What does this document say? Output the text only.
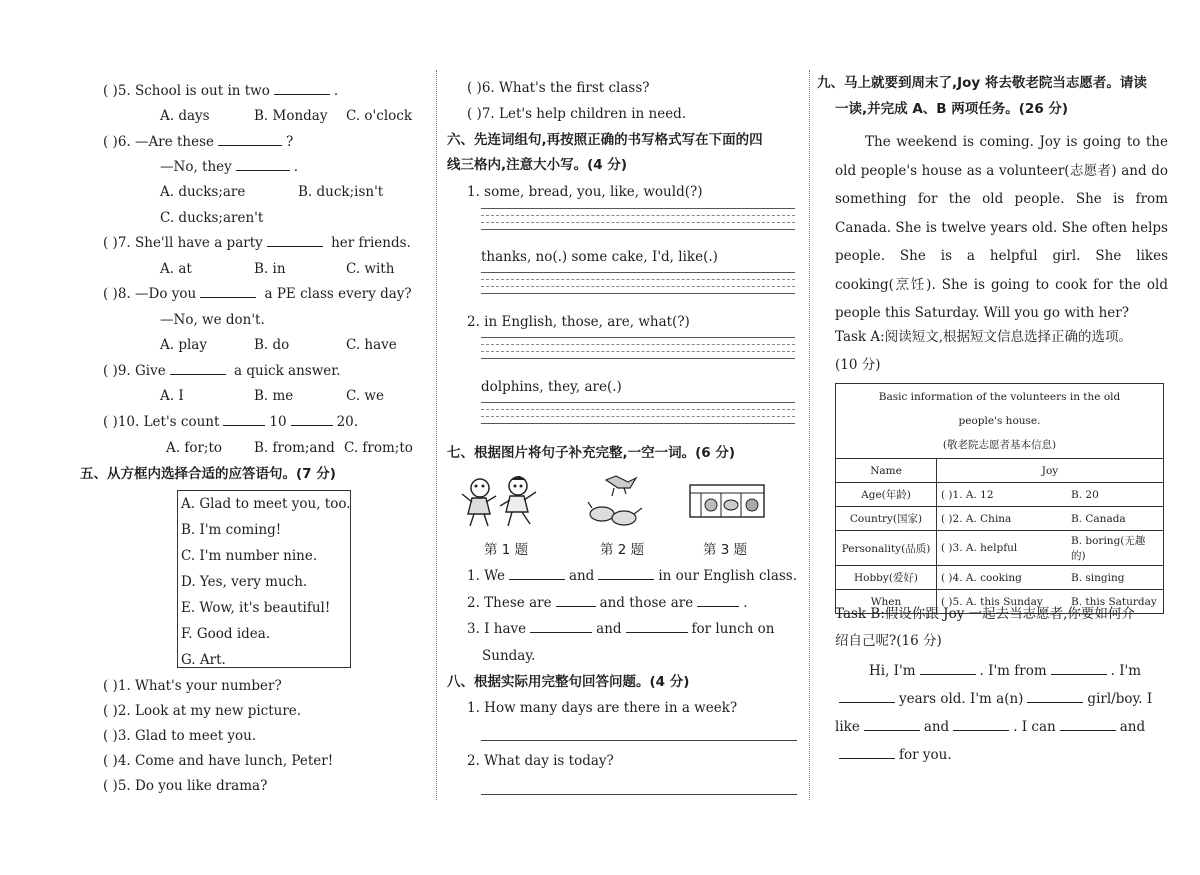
( )5. School is out in two	.
A. days	B. Monday C. o'clock
( )6. —Are these	?
—No, they	.
A. ducks;are	B. duck;isn't
C. ducks;aren't
( )7. She'll have a party	her friends.
A. at	B. in	C. with
( )8. —Do you	a PE class every day?
—No, we don't.
A. play	B. do	C. have
( )9. Give	a quick answer.
A. I	B. me	C. we
( )10. Let's count	10	20.
A. for;to B. from;and C. from;to
五、从方框内选择合适的应答语句。(7 分)
A. Glad to meet you, too.
B. I'm coming!
C. I'm number nine.
D. Yes, very much.
E. Wow, it's beautiful!
F. Good idea.
G. Art.
( )1. What's your number?
( )2. Look at my new picture.
( )3. Glad to meet you.
( )4. Come and have lunch, Peter!
( )5. Do you like drama?
( )6. What's the first class?
( )7. Let's help children in need.
六、先连词组句,再按照正确的书写格式写在下面的四
线三格内,注意大小写。(4 分)
1. some, bread, you, like, would(?)
thanks, no(.) some cake, I'd, like(.)
2. in English, those, are, what(?)
dolphins, they, are(.)
七、根据图片将句子补充完整,一空一词。(6 分)
第 1 题	第 2 题	第 3 题
1. We	and	in our English class.
2. These are	and those are	.
3. I have	and	for lunch on
Sunday.
八、根据实际用完整句回答问题。(4 分)
1. How many days are there in a week?
2. What day is today?
九、马上就要到周末了,Joy 将去敬老院当志愿者。请读
一读,并完成 A、B 两项任务。(26 分)
The weekend is coming. Joy is going to the old people's house as a volunteer(志愿者) and do something for the old people. She is from Canada. She is twelve years old. She often helps people. She is a helpful girl. She likes cooking(烹饪). She is going to cook for the old people this Saturday. Will you go with her?
Task A:阅读短文,根据短文信息选择正确的选项。
(10 分)
Basic information of the volunteers in the old
people's house.
(敬老院志愿者基本信息)		

Name	Joy	
Age(年龄)	( )1. A. 12	B. 20
Country(国家)	( )2. A. China	B. Canada
Personality(品质)	( )3. A. helpful	B. boring(无趣的)
Hobby(爱好)	( )4. A. cooking	B. singing
When	( )5. A. this Sunday	B. this Saturday
Task B:假设你跟 Joy 一起去当志愿者,你要如何介
绍自己呢?(16 分)
Hi, I'm	. I'm from	. I'm
years old. I'm a(n)	girl/boy. I
like	and	. I can	and
for you.
